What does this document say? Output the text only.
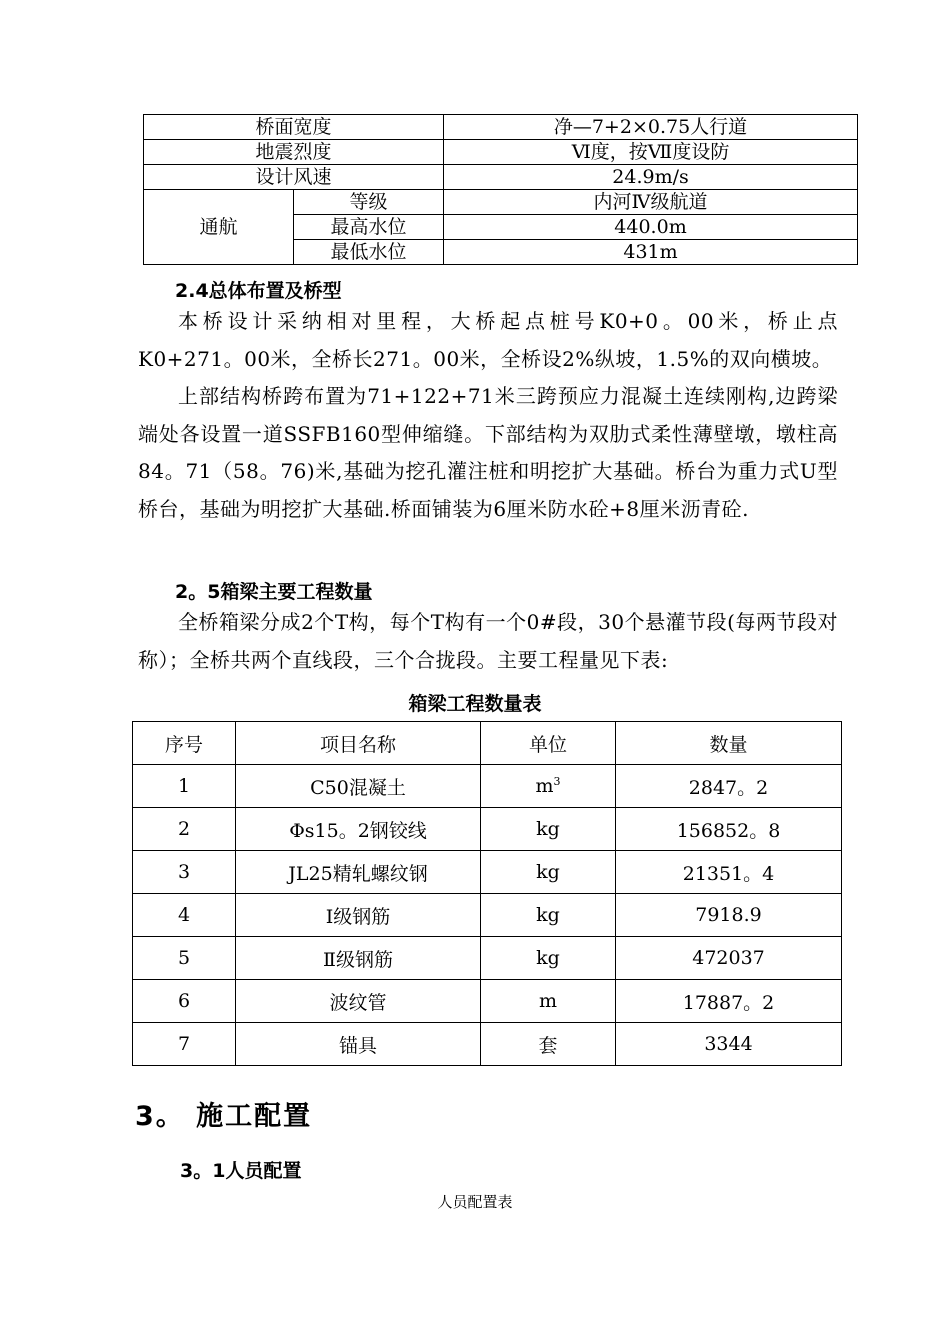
桥面宽度		净—7+2×0.75人行道
地震烈度		Ⅵ度，按Ⅶ度设防
设计风速		24.9m/s
通航	等级	内河Ⅳ级航道
	最高水位	440.0m
	最低水位	431m
2.4总体布置及桥型

本桥设计采纳相对里程，大桥起点桩号K0+0。00米，桥止点K0+271。00米，全桥长271。00米，全桥设2%纵坡，1.5%的双向横坡。

上部结构桥跨布置为71+122+71米三跨预应力混凝土连续刚构,边跨梁端处各设置一道SSFB160型伸缩缝。下部结构为双肋式柔性薄壁墩，墩柱高84。71（58。76)米,基础为挖孔灌注桩和明挖扩大基础。桥台为重力式U型桥台，基础为明挖扩大基础.桥面铺装为6厘米防水砼+8厘米沥青砼.

2。5箱梁主要工程数量

全桥箱梁分成2个T构，每个T构有一个0#段，30个悬灌节段(每两节段对称）；全桥共两个直线段，三个合拢段。主要工程量见下表:

箱梁工程数量表
序号	项目名称	单位	数量
1	C50混凝土	$m^3$	2847。2
2	Φs15。2钢铰线	kg	156852。8
3	JL25精轧螺纹钢	kg	21351。4
4	Ⅰ级钢筋	kg	7918.9
5	Ⅱ级钢筋	kg	472037
6	波纹管	m	17887。2
7	锚具	套	3344
3。 施工配置
3。1人员配置
人员配置表
